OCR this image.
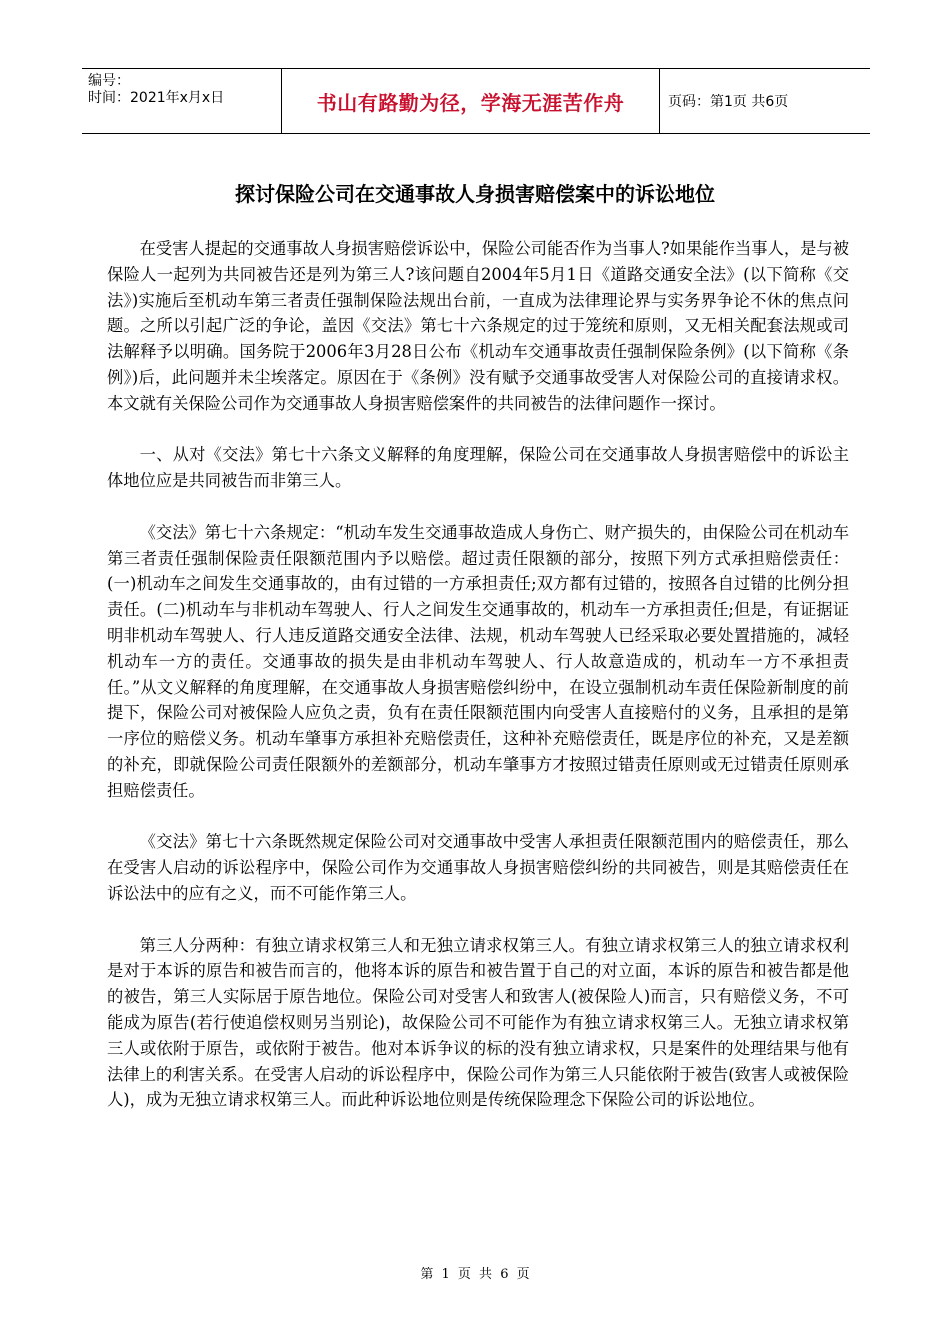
编号：
时间：2021年x月x日	书山有路勤为径，学海无涯苦作舟	页码：第1页 共6页
探讨保险公司在交通事故人身损害赔偿案中的诉讼地位

在受害人提起的交通事故人身损害赔偿诉讼中，保险公司能否作为当事人?如果能作当事人，是与被保险人一起列为共同被告还是列为第三人?该问题自2004年5月1日《道路交通安全法》(以下简称《交法》)实施后至机动车第三者责任强制保险法规出台前，一直成为法律理论界与实务界争论不休的焦点问题。之所以引起广泛的争论，盖因《交法》第七十六条规定的过于笼统和原则，又无相关配套法规或司法解释予以明确。国务院于2006年3月28日公布《机动车交通事故责任强制保险条例》(以下简称《条例》)后，此问题并未尘埃落定。原因在于《条例》没有赋予交通事故受害人对保险公司的直接请求权。本文就有关保险公司作为交通事故人身损害赔偿案件的共同被告的法律问题作一探讨。

一、从对《交法》第七十六条文义解释的角度理解，保险公司在交通事故人身损害赔偿中的诉讼主体地位应是共同被告而非第三人。

《交法》第七十六条规定：“机动车发生交通事故造成人身伤亡、财产损失的，由保险公司在机动车第三者责任强制保险责任限额范围内予以赔偿。超过责任限额的部分，按照下列方式承担赔偿责任：(一)机动车之间发生交通事故的，由有过错的一方承担责任;双方都有过错的，按照各自过错的比例分担责任。(二)机动车与非机动车驾驶人、行人之间发生交通事故的，机动车一方承担责任;但是，有证据证明非机动车驾驶人、行人违反道路交通安全法律、法规，机动车驾驶人已经采取必要处置措施的，减轻机动车一方的责任。交通事故的损失是由非机动车驾驶人、行人故意造成的，机动车一方不承担责任。”从文义解释的角度理解，在交通事故人身损害赔偿纠纷中，在设立强制机动车责任保险新制度的前提下，保险公司对被保险人应负之责，负有在责任限额范围内向受害人直接赔付的义务，且承担的是第一序位的赔偿义务。机动车肇事方承担补充赔偿责任，这种补充赔偿责任，既是序位的补充，又是差额的补充，即就保险公司责任限额外的差额部分，机动车肇事方才按照过错责任原则或无过错责任原则承担赔偿责任。

《交法》第七十六条既然规定保险公司对交通事故中受害人承担责任限额范围内的赔偿责任，那么在受害人启动的诉讼程序中，保险公司作为交通事故人身损害赔偿纠纷的共同被告，则是其赔偿责任在诉讼法中的应有之义，而不可能作第三人。

第三人分两种：有独立请求权第三人和无独立请求权第三人。有独立请求权第三人的独立请求权利是对于本诉的原告和被告而言的，他将本诉的原告和被告置于自己的对立面，本诉的原告和被告都是他的被告，第三人实际居于原告地位。保险公司对受害人和致害人(被保险人)而言，只有赔偿义务，不可能成为原告(若行使追偿权则另当别论)，故保险公司不可能作为有独立请求权第三人。无独立请求权第三人或依附于原告，或依附于被告。他对本诉争议的标的没有独立请求权，只是案件的处理结果与他有法律上的利害关系。在受害人启动的诉讼程序中，保险公司作为第三人只能依附于被告(致害人或被保险人)，成为无独立请求权第三人。而此种诉讼地位则是传统保险理念下保险公司的诉讼地位。

第 1 页 共 6 页
